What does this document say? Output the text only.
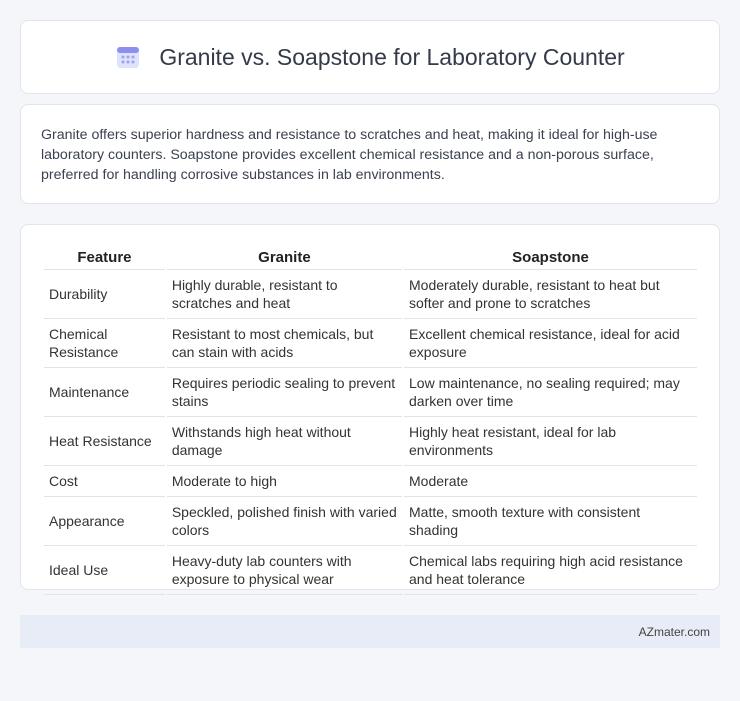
Granite vs. Soapstone for Laboratory Counter

Granite offers superior hardness and resistance to scratches and heat, making it ideal for high-use laboratory counters. Soapstone provides excellent chemical resistance and a non-porous surface, preferred for handling corrosive substances in lab environments.

Feature	Granite	Soapstone
Durability	Highly durable, resistant to scratches and heat	Moderately durable, resistant to heat but softer and prone to scratches
Chemical Resistance	Resistant to most chemicals, but can stain with acids	Excellent chemical resistance, ideal for acid exposure
Maintenance	Requires periodic sealing to prevent stains	Low maintenance, no sealing required; may darken over time
Heat Resistance	Withstands high heat without damage	Highly heat resistant, ideal for lab environments
Cost	Moderate to high	Moderate
Appearance	Speckled, polished finish with varied colors	Matte, smooth texture with consistent shading
Ideal Use	Heavy-duty lab counters with exposure to physical wear	Chemical labs requiring high acid resistance and heat tolerance
AZmater.com
